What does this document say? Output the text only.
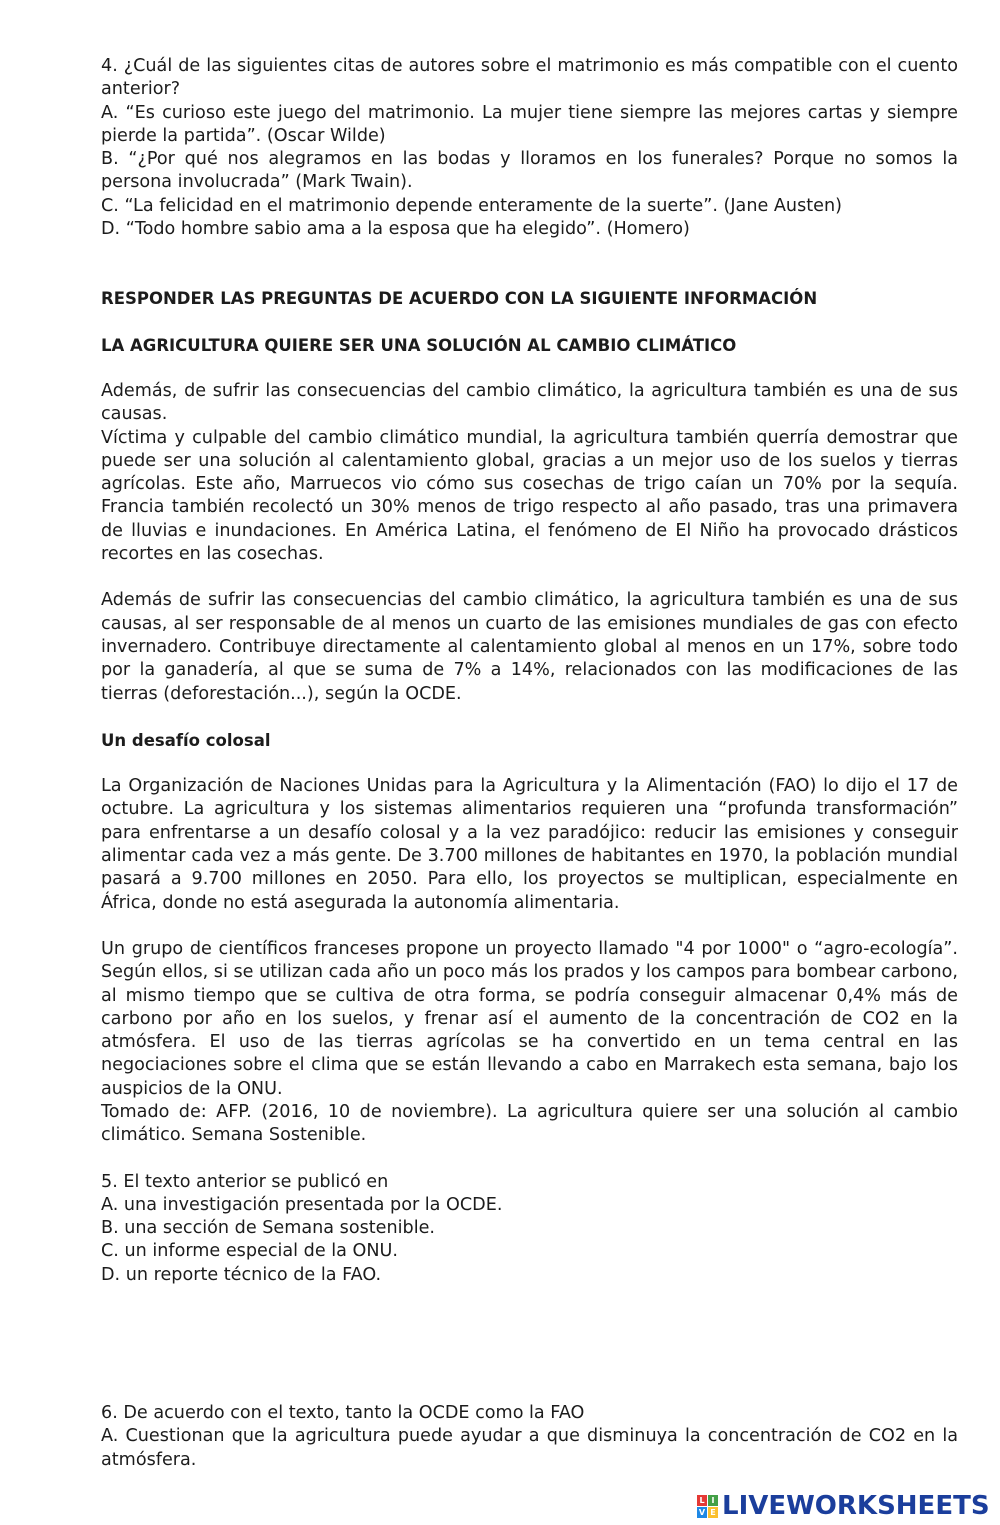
4. ¿Cuál de las siguientes citas de autores sobre el matrimonio es más compatible con el cuento anterior?

A. “Es curioso este juego del matrimonio. La mujer tiene siempre las mejores cartas y siempre pierde la partida”. (Oscar Wilde)

B. “¿Por qué nos alegramos en las bodas y lloramos en los funerales? Porque no somos la persona involucrada” (Mark Twain).

C. “La felicidad en el matrimonio depende enteramente de la suerte”. (Jane Austen)

D. “Todo hombre sabio ama a la esposa que ha elegido”. (Homero)

RESPONDER LAS PREGUNTAS DE ACUERDO CON LA SIGUIENTE INFORMACIÓN

LA AGRICULTURA QUIERE SER UNA SOLUCIÓN AL CAMBIO CLIMÁTICO

Además, de sufrir las consecuencias del cambio climático, la agricultura también es una de sus causas.

Víctima y culpable del cambio climático mundial, la agricultura también querría demostrar que puede ser una solución al calentamiento global, gracias a un mejor uso de los suelos y tierras agrícolas. Este año, Marruecos vio cómo sus cosechas de trigo caían un 70% por la sequía. Francia también recolectó un 30% menos de trigo respecto al año pasado, tras una primavera de lluvias e inundaciones. En América Latina, el fenómeno de El Niño ha provocado drásticos recortes en las cosechas.

Además de sufrir las consecuencias del cambio climático, la agricultura también es una de sus causas, al ser responsable de al menos un cuarto de las emisiones mundiales de gas con efecto invernadero. Contribuye directamente al calentamiento global al menos en un 17%, sobre todo por la ganadería, al que se suma de 7% a 14%, relacionados con las modificaciones de las tierras (deforestación...), según la OCDE.

Un desafío colosal

La Organización de Naciones Unidas para la Agricultura y la Alimentación (FAO) lo dijo el 17 de octubre. La agricultura y los sistemas alimentarios requieren una “profunda transformación” para enfrentarse a un desafío colosal y a la vez paradójico: reducir las emisiones y conseguir alimentar cada vez a más gente. De 3.700 millones de habitantes en 1970, la población mundial pasará a 9.700 millones en 2050. Para ello, los proyectos se multiplican, especialmente en África, donde no está asegurada la autonomía alimentaria.

Un grupo de científicos franceses propone un proyecto llamado "4 por 1000" o “agro-ecología”. Según ellos, si se utilizan cada año un poco más los prados y los campos para bombear carbono, al mismo tiempo que se cultiva de otra forma, se podría conseguir almacenar 0,4% más de carbono por año en los suelos, y frenar así el aumento de la concentración de CO2 en la atmósfera. El uso de las tierras agrícolas se ha convertido en un tema central en las negociaciones sobre el clima que se están llevando a cabo en Marrakech esta semana, bajo los auspicios de la ONU.

Tomado de: AFP. (2016, 10 de noviembre). La agricultura quiere ser una solución al cambio climático. Semana Sostenible.

5. El texto anterior se publicó en

A. una investigación presentada por la OCDE.

B. una sección de Semana sostenible.

C. un informe especial de la ONU.

D. un reporte técnico de la FAO.

6. De acuerdo con el texto, tanto la OCDE como la FAO

A. Cuestionan que la agricultura puede ayudar a que disminuya la concentración de CO2 en la atmósfera.

L I
V E LIVEWORKSHEETS
